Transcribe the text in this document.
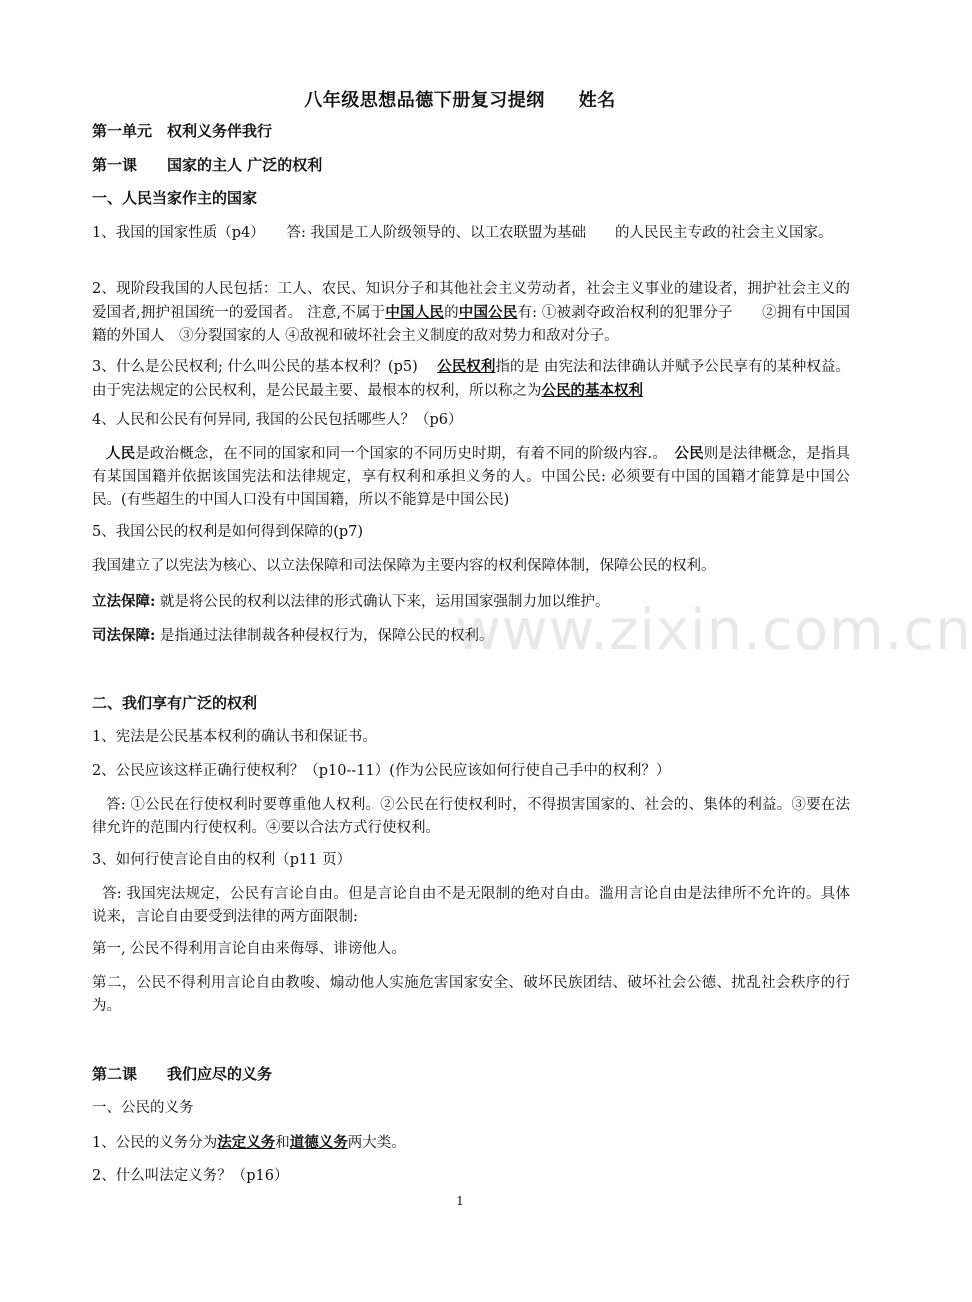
八年级思想品德下册复习提纲 姓名
第一单元　权利义务伴我行
第一课　　国家的主人 广泛的权利
一、人民当家作主的国家
1、我国的国家性质（p4）　　答: 我国是工人阶级领导的、以工农联盟为基础　　的人民民主专政的社会主义国家。
2、现阶段我国的人民包括：工人、农民、知识分子和其他社会主义劳动者，社会主义事业的建设者，拥护社会主义的爱国者,拥护祖国统一的爱国者。 注意,不属于中国人民的中国公民有: ①被剥夺政治权利的犯罪分子　　②拥有中国国籍的外国人　③分裂国家的人 ④敌视和破坏社会主义制度的敌对势力和敌对分子。
3、什么是公民权利; 什么叫公民的基本权利？(p5)　 公民权利指的是 由宪法和法律确认并赋予公民享有的某种权益。 由于宪法规定的公民权利，是公民最主要、最根本的权利，所以称之为公民的基本权利
4、人民和公民有何异同, 我国的公民包括哪些人？（p6）
人民是政治概念，在不同的国家和同一个国家的不同历史时期，有着不同的阶级内容.。　公民则是法律概念，是指具有某国国籍并依据该国宪法和法律规定，享有权利和承担义务的人。中国公民: 必须要有中国的国籍才能算是中国公民。(有些超生的中国人口没有中国国籍，所以不能算是中国公民)
5、我国公民的权利是如何得到保障的(p7)
我国建立了以宪法为核心、以立法保障和司法保障为主要内容的权利保障体制，保障公民的权利。
立法保障: 就是将公民的权利以法律的形式确认下来，运用国家强制力加以维护。
司法保障: 是指通过法律制裁各种侵权行为，保障公民的权利。
二、我们享有广泛的权利
1、宪法是公民基本权利的确认书和保证书。
2、公民应该这样正确行使权利？（p10--11）(作为公民应该如何行使自己手中的权利？）
答: ①公民在行使权利时要尊重他人权利。②公民在行使权利时，不得损害国家的、社会的、集体的利益。③要在法律允许的范围内行使权利。④要以合法方式行使权利。
3、如何行使言论自由的权利（p11 页）
答: 我国宪法规定，公民有言论自由。但是言论自由不是无限制的绝对自由。滥用言论自由是法律所不允许的。具体说来，言论自由要受到法律的两方面限制:
第一, 公民不得利用言论自由来侮辱、诽谤他人。
第二，公民不得利用言论自由教唆、煽动他人实施危害国家安全、破坏民族团结、破坏社会公德、扰乱社会秩序的行为。
第二课　　我们应尽的义务
一、公民的义务
1、公民的义务分为法定义务和道德义务两大类。
2、什么叫法定义务？（p16）
www.zixin.com.cn
1
